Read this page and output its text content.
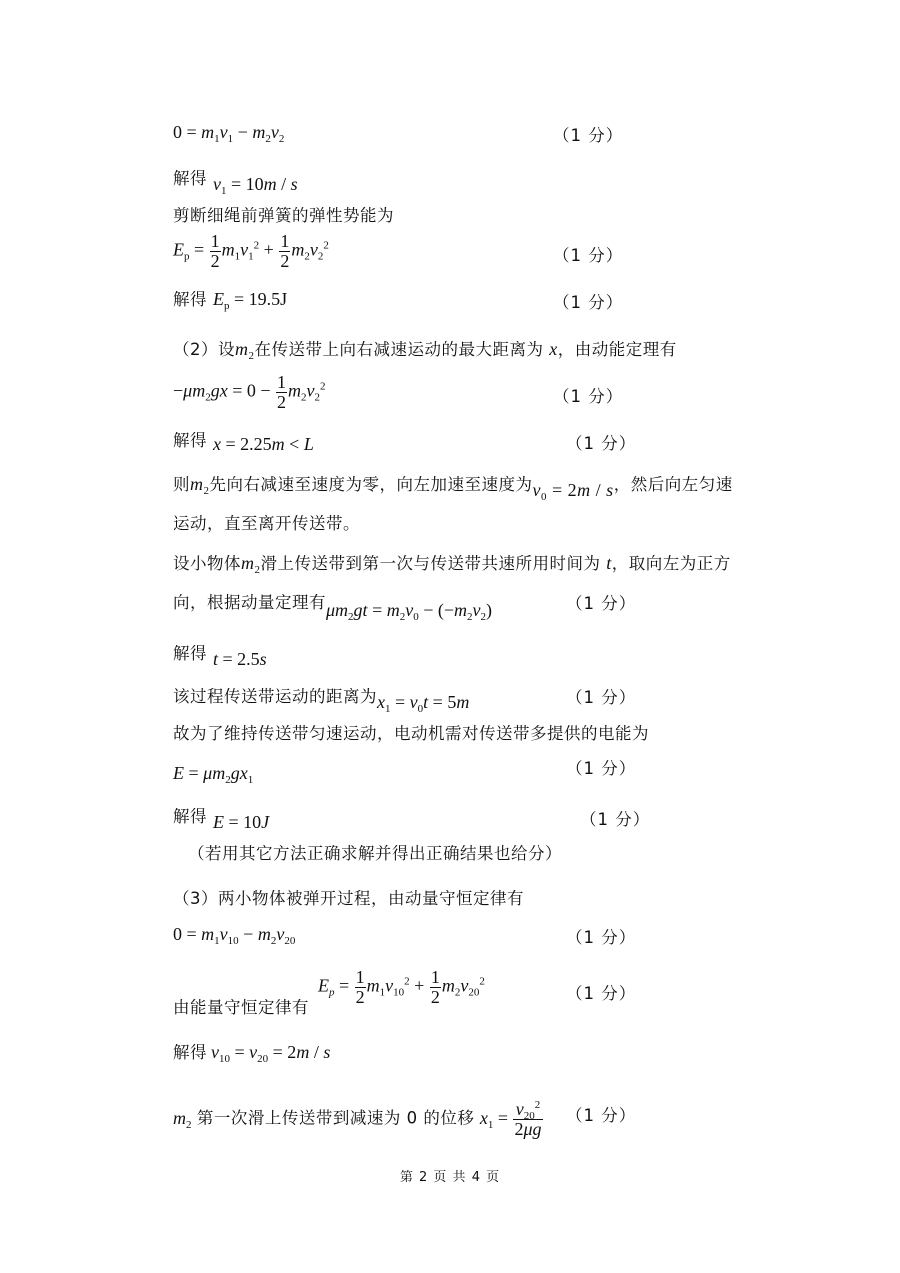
$0 = m_1v_1 - m_2v_2$	（1 分）
解得 $v_1 = 10m / s$
剪断细绳前弹簧的弹性势能为
$E_p = \frac{1}{2} m_1v_1^2 + \frac{1}{2} m_2v_2^2$
（1 分）
解得 $E_p = 19.5J$	（1 分）
（2）设$m_2$在传送带上向右减速运动的最大距离为 x，由动能定理有
$-\mu m_2gx = 0 - \frac{1}{2} m_2v_2^2$
（1 分）
解得 x = 2.25m < L	（1 分）
则$m_2$先向右减速至速度为零，向左加速至速度为$v_0 = 2m / s$，然后向左匀速
运动，直至离开传送带。
设小物体$m_2$滑上传送带到第一次与传送带共速所用时间为 t，取向左为正方
向，根据动量定理有$\mu m_2gt = m_2v_0 - (-m_2v_2)$	（1 分）
解得 t = 2.5s
该过程传送带运动的距离为$x_1 = v_0t = 5m$	（1 分）
故为了维持传送带匀速运动，电动机需对传送带多提供的电能为
$E = \mu m_2gx_1$
（1 分）
解得 E = 10J	（1 分）
（若用其它方法正确求解并得出正确结果也给分）
（3）两小物体被弹开过程，由动量守恒定律有
$0 = m_1v_{10} - m_2v_{20}$	（1 分）
$E_p = \frac{1}{2} m_1v_{10}^2 + \frac{1}{2} m_2v_{20}^2$
（1 分）
由能量守恒定律有
解得 $v_{10} = v_{20} = 2m / s$
$m_2$ 第一次滑上传送带到减速为 0 的位移 $x_1 = \frac{v_{20}^2}{2\mu g} (1$ 分）
第 2 页 共 4 页
